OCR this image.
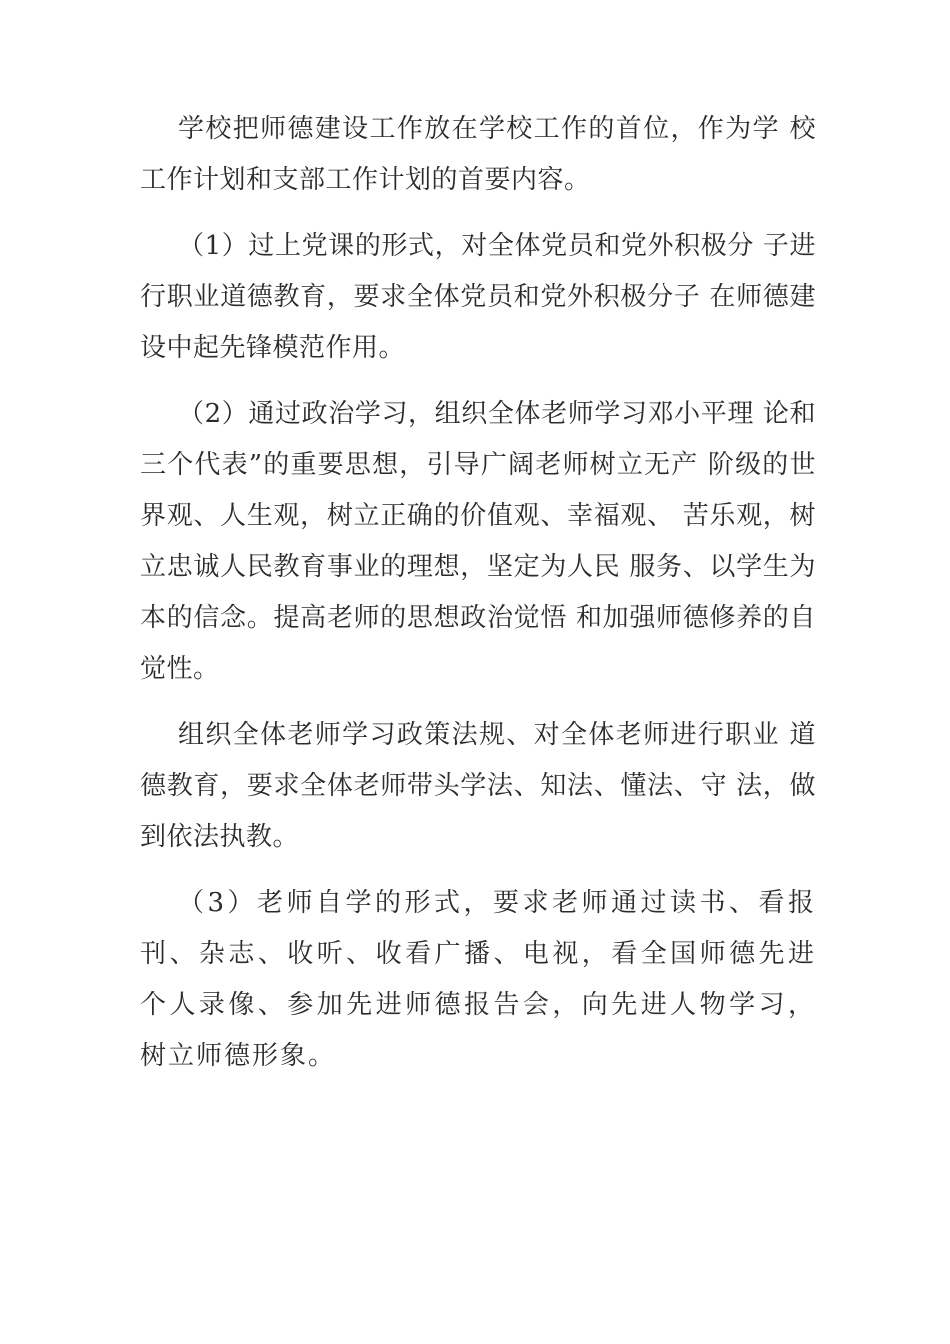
学校把师德建设工作放在学校工作的首位，作为学 校工作计划和支部工作计划的首要内容。

（1）过上党课的形式，对全体党员和党外积极分 子进行职业道德教育，要求全体党员和党外积极分子 在师德建设中起先锋模范作用。

（2）通过政治学习，组织全体老师学习邓小平理 论和三个代表”的重要思想，引导广阔老师树立无产 阶级的世界观、人生观，树立正确的价值观、幸福观、 苦乐观，树立忠诚人民教育事业的理想，坚定为人民 服务、以学生为本的信念。提高老师的思想政治觉悟 和加强师德修养的自觉性。

组织全体老师学习政策法规、对全体老师进行职业 道德教育，要求全体老师带头学法、知法、懂法、守 法，做到依法执教。

（3）老师自学的形式，要求老师通过读书、看报刊、杂志、收听、收看广播、电视，看全国师德先进 个人录像、参加先进师德报告会，向先进人物学习， 树立师德形象。
